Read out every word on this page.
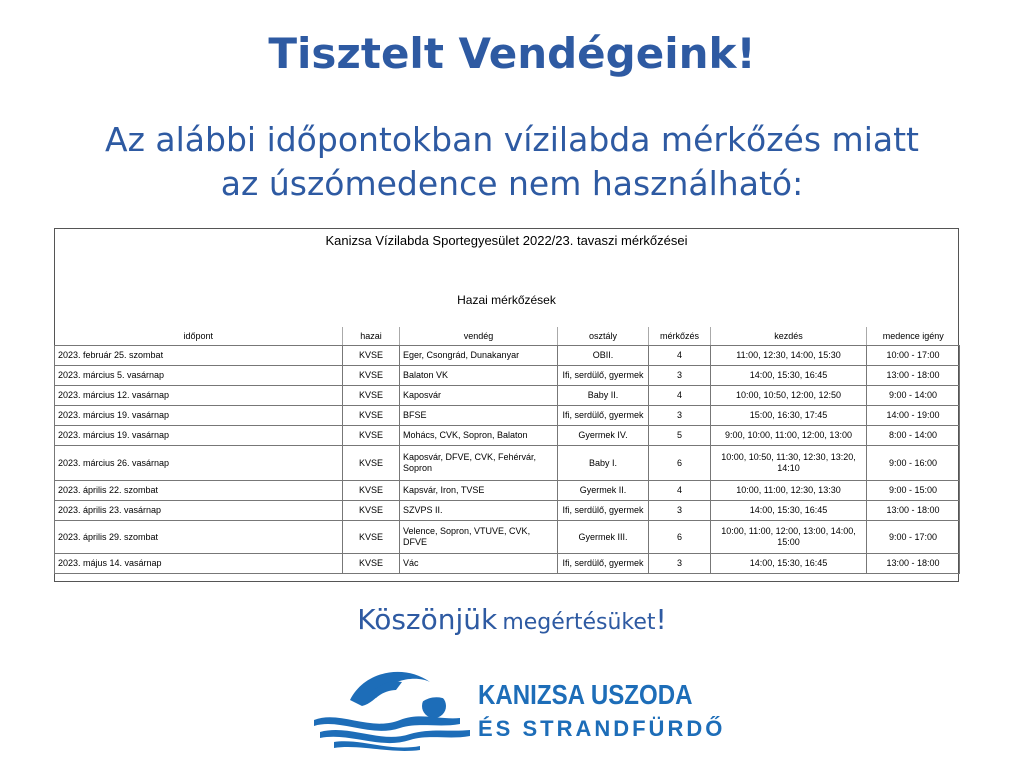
Tisztelt Vendégeink!
Az alábbi időpontokban vízilabda mérkőzés miatt
az úszómedence nem használható:
Kanizsa Vízilabda Sportegyesület 2022/23. tavaszi mérkőzései
Hazai mérkőzések
időpont	hazai	vendég	osztály	mérkőzés	kezdés	medence igény
2023. február 25. szombat	KVSE	Eger, Csongrád, Dunakanyar	OBII.	4	11:00, 12:30, 14:00, 15:30	10:00 - 17:00
2023. március 5. vasárnap	KVSE	Balaton VK	Ifi, serdülő, gyermek	3	14:00, 15:30, 16:45	13:00 - 18:00
2023. március 12. vasárnap	KVSE	Kaposvár	Baby II.	4	10:00, 10:50, 12:00, 12:50	9:00 - 14:00
2023. március 19. vasárnap	KVSE	BFSE	Ifi, serdülő, gyermek	3	15:00, 16:30, 17:45	14:00 - 19:00
2023. március 19. vasárnap	KVSE	Mohács, CVK, Sopron, Balaton	Gyermek IV.	5	9:00, 10:00, 11:00, 12:00, 13:00	8:00 - 14:00
2023. március 26. vasárnap	KVSE	Kaposvár, DFVE, CVK, Fehérvár, Sopron	Baby I.	6	10:00, 10:50, 11:30, 12:30, 13:20, 14:10	9:00 - 16:00
2023. április 22. szombat	KVSE	Kapsvár, Iron, TVSE	Gyermek II.	4	10:00, 11:00, 12:30, 13:30	9:00 - 15:00
2023. április 23. vasárnap	KVSE	SZVPS II.	Ifi, serdülő, gyermek	3	14:00, 15:30, 16:45	13:00 - 18:00
2023. április 29. szombat	KVSE	Velence, Sopron, VTUVE, CVK, DFVE	Gyermek III.	6	10:00, 11:00, 12:00, 13:00, 14:00, 15:00	9:00 - 17:00
2023. május 14. vasárnap	KVSE	Vác	Ifi, serdülő, gyermek	3	14:00, 15:30, 16:45	13:00 - 18:00
Köszönjük megértésüket!
KANIZSA USZODA
ÉS STRANDFÜRDŐ
